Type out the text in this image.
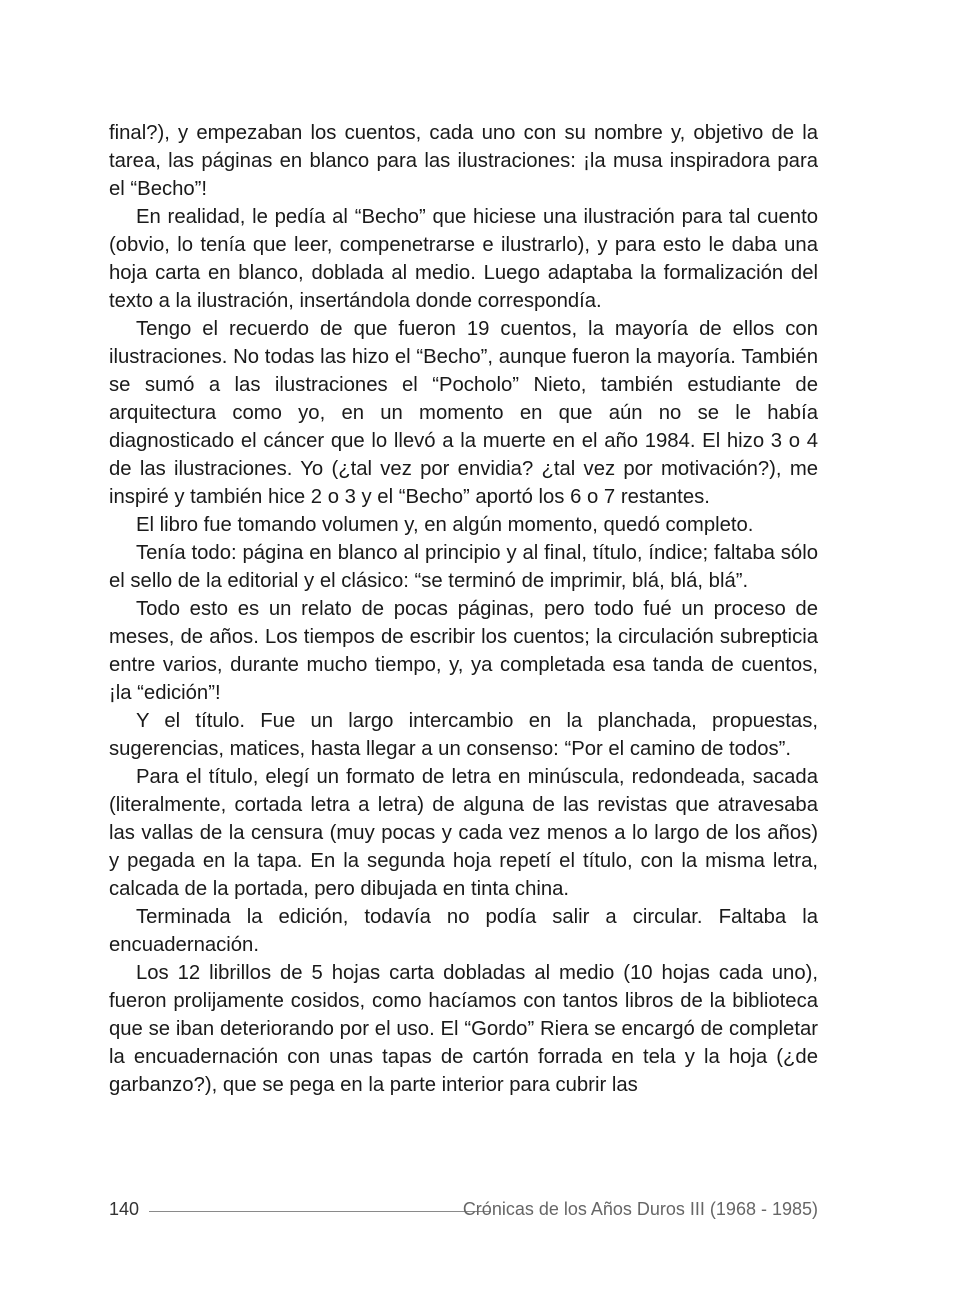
final?), y empezaban los cuentos, cada uno con su nombre y, objetivo de la tarea, las páginas en blanco para las ilustraciones: ¡la musa inspiradora para el “Becho”!

En realidad, le pedía al “Becho” que hiciese una ilustración para tal cuento (obvio, lo tenía que leer, compenetrarse e ilustrarlo), y para esto le daba una hoja carta en blanco, doblada al medio. Luego adaptaba la formalización del texto a la ilustración, insertándola donde correspondía.

Tengo el recuerdo de que fueron 19 cuentos, la mayoría de ellos con ilustraciones. No todas las hizo el “Becho”, aunque fueron la mayoría. También se sumó a las ilustraciones el “Pocholo” Nieto, también estudiante de arquitectura como yo, en un momento en que aún no se le había diagnosticado el cáncer que lo llevó a la muerte en el año 1984. El hizo 3 o 4 de las ilustraciones. Yo (¿tal vez por envidia? ¿tal vez por motivación?), me inspiré y también hice 2 o 3 y el “Becho” aportó los 6 o 7 restantes.

El libro fue tomando volumen y, en algún momento, quedó completo.

Tenía todo: página en blanco al principio y al final, título, índice; faltaba sólo el sello de la editorial y el clásico: “se terminó de imprimir, blá, blá, blá”.

Todo esto es un relato de pocas páginas, pero todo fué un proceso de meses, de años. Los tiempos de escribir los cuentos; la circulación subrepticia entre varios, durante mucho tiempo, y, ya completada esa tanda de cuentos, ¡la “edición”!

Y el título. Fue un largo intercambio en la planchada, propuestas, sugerencias, matices, hasta llegar a un consenso: “Por el camino de todos”.

Para el título, elegí un formato de letra en minúscula, redondeada, sacada (literalmente, cortada letra a letra) de alguna de las revistas que atravesaba las vallas de la censura (muy pocas y cada vez menos a lo largo de los años) y pegada en la tapa. En la segunda hoja repetí el título, con la misma letra, calcada de la portada, pero dibujada en tinta china.

Terminada la edición, todavía no podía salir a circular. Faltaba la encuadernación.

Los 12 librillos de 5 hojas carta dobladas al medio (10 hojas cada uno), fueron prolijamente cosidos, como hacíamos con tantos libros de la biblioteca que se iban deteriorando por el uso. El “Gordo” Riera se encargó de completar la encuadernación con unas tapas de cartón forrada en tela y la hoja (¿de garbanzo?), que se pega en la parte interior para cubrir las

140	Crónicas de los Años Duros III (1968 - 1985)
